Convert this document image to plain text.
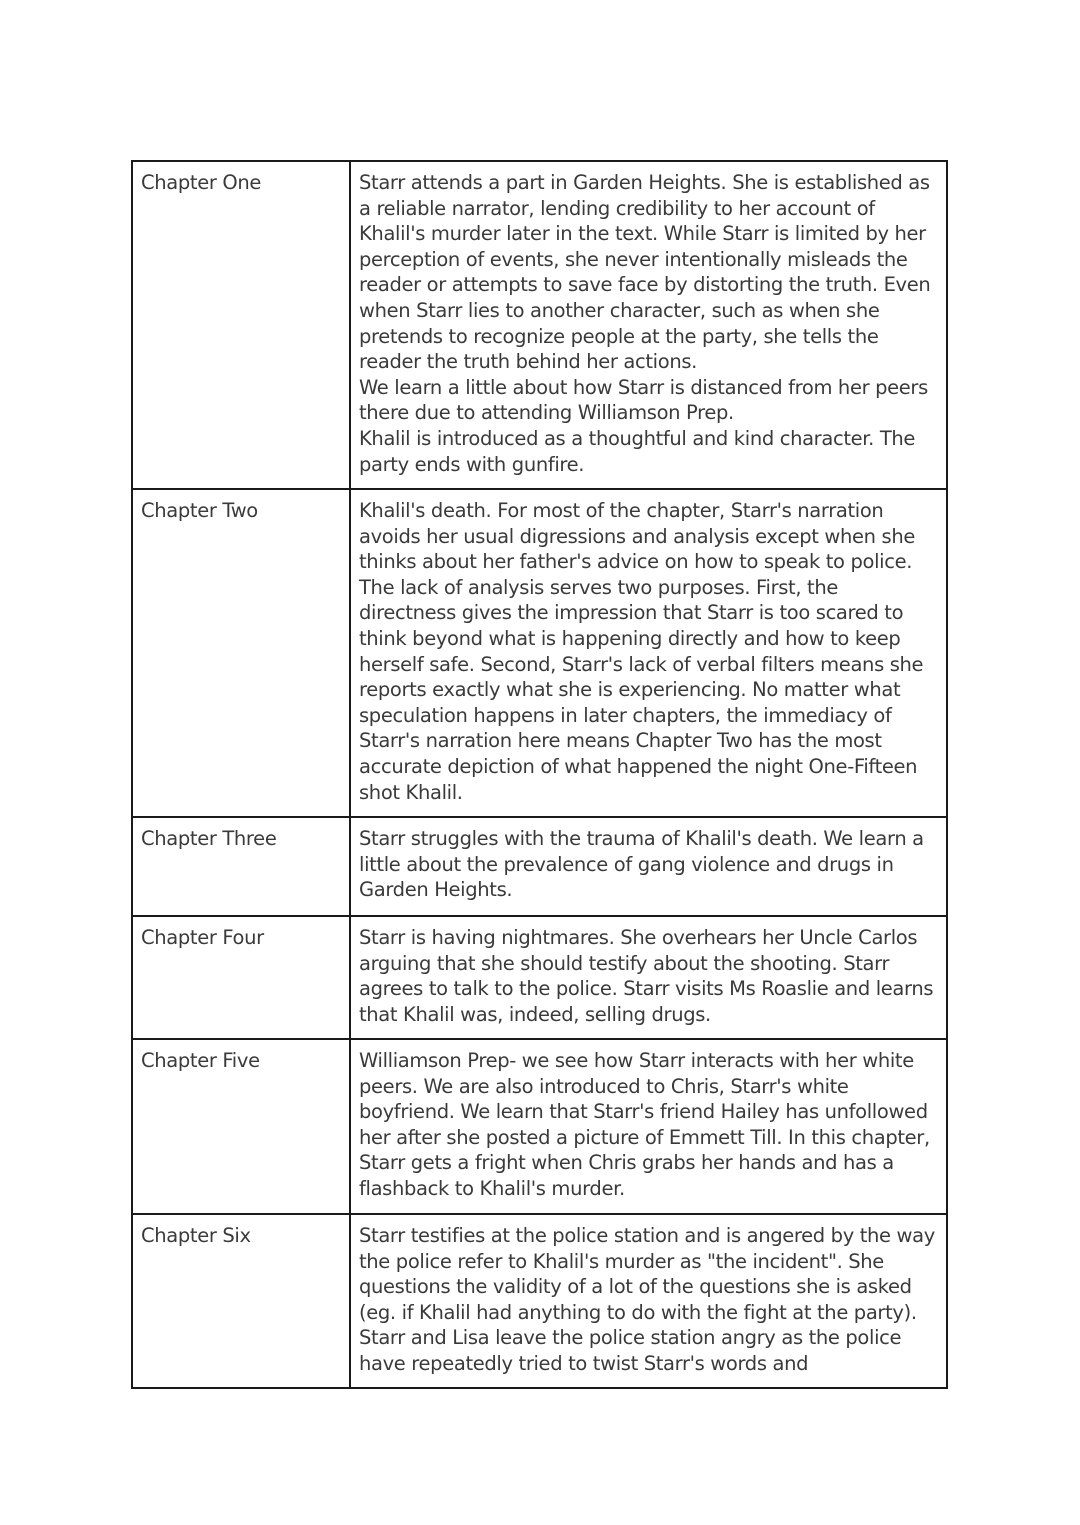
Chapter One	Starr attends a part in Garden Heights. She is established as a reliable narrator, lending credibility to her account of Khalil's murder later in the text. While Starr is limited by her perception of events, she never intentionally misleads the reader or attempts to save face by distorting the truth. Even when Starr lies to another character, such as when she pretends to recognize people at the party, she tells the reader the truth behind her actions.
We learn a little about how Starr is distanced from her peers there due to attending Williamson Prep.
Khalil is introduced as a thoughtful and kind character. The party ends with gunfire.

Chapter Two	Khalil's death. For most of the chapter, Starr's narration avoids her usual digressions and analysis except when she thinks about her father's advice on how to speak to police. The lack of analysis serves two purposes. First, the directness gives the impression that Starr is too scared to think beyond what is happening directly and how to keep herself safe. Second, Starr's lack of verbal filters means she reports exactly what she is experiencing. No matter what speculation happens in later chapters, the immediacy of Starr's narration here means Chapter Two has the most accurate depiction of what happened the night One-Fifteen shot Khalil.

Chapter Three	Starr struggles with the trauma of Khalil's death. We learn a little about the prevalence of gang violence and drugs in Garden Heights.

Chapter Four	Starr is having nightmares. She overhears her Uncle Carlos arguing that she should testify about the shooting. Starr agrees to talk to the police. Starr visits Ms Roaslie and learns that Khalil was, indeed, selling drugs.

Chapter Five	Williamson Prep- we see how Starr interacts with her white peers. We are also introduced to Chris, Starr's white boyfriend. We learn that Starr's friend Hailey has unfollowed her after she posted a picture of Emmett Till. In this chapter, Starr gets a fright when Chris grabs her hands and has a flashback to Khalil's murder.

Chapter Six	Starr testifies at the police station and is angered by the way the police refer to Khalil's murder as "the incident". She questions the validity of a lot of the questions she is asked (eg. if Khalil had anything to do with the fight at the party). Starr and Lisa leave the police station angry as the police have repeatedly tried to twist Starr's words and
